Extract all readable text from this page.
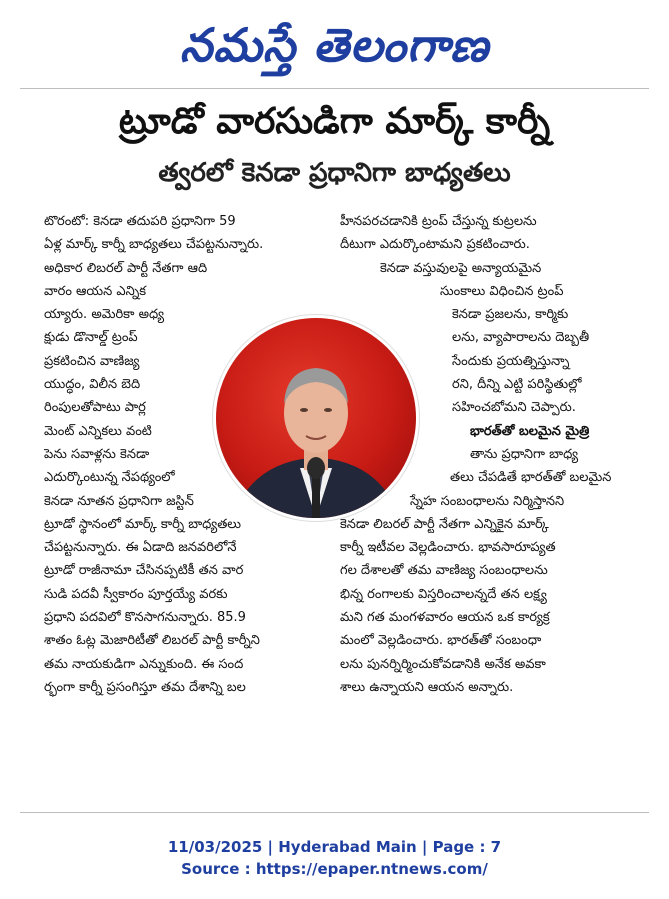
నమస్తే తెలంగాణ
ట్రూడో వారసుడిగా మార్క్ కార్నీ
త్వరలో కెనడా ప్రధానిగా బాధ్యతలు
టొరంటో: కెనడా తదుపరి ప్రధానిగా 59
ఏళ్ల మార్క్ కార్నీ బాధ్యతలు చేపట్టనున్నారు.
అధికార లిబరల్ పార్టీ నేతగా ఆది
వారం ఆయన ఎన్నిక
య్యారు. అమెరికా అధ్య
క్షుడు డొనాల్డ్ ట్రంప్
ప్రకటించిన వాణిజ్య
యుద్ధం, విలీన బెది
రింపులతోపాటు పార్ల
మెంట్ ఎన్నికలు వంటి
పెను సవాళ్లను కెనడా
ఎదుర్కొంటున్న నేపథ్యంలో
కెనడా నూతన ప్రధానిగా జస్టిన్
ట్రూడో స్థానంలో మార్క్ కార్నీ బాధ్యతలు
చేపట్టనున్నారు. ఈ ఏడాది జనవరిలోనే
ట్రూడో రాజీనామా చేసినప్పటికీ తన వార
సుడి పదవీ స్వీకారం పూర్తయ్యే వరకు
ప్రధాని పదవిలో కొనసాగనున్నారు. 85.9
శాతం ఓట్ల మెజారిటీతో లిబరల్ పార్టీ కార్నీని
తమ నాయకుడిగా ఎన్నుకుంది. ఈ సంద
ర్భంగా కార్నీ ప్రసంగిస్తూ తమ దేశాన్ని బల
హీనపరచడానికి ట్రంప్ చేస్తున్న కుట్రలను
దీటుగా ఎదుర్కొంటామని ప్రకటించారు.
కెనడా వస్తువులపై అన్యాయమైన
సుంకాలు విధించిన ట్రంప్
కెనడా ప్రజలను, కార్మికు
లను, వ్యాపారాలను దెబ్బతీ
సేందుకు ప్రయత్నిస్తున్నా
రని, దీన్ని ఎట్టి పరిస్థితుల్లో
సహించబోమని చెప్పారు.
భారత్‌తో బలమైన మైత్రి
తాను ప్రధానిగా బాధ్య
తలు చేపడితే భారత్‌తో బలమైన
స్నేహ సంబంధాలను నిర్మిస్తానని
కెనడా లిబరల్ పార్టీ నేతగా ఎన్నికైన మార్క్
కార్నీ ఇటీవల వెల్లడించారు. భావసారూప్యత
గల దేశాలతో తమ వాణిజ్య సంబంధాలను
భిన్న రంగాలకు విస్తరించాలన్నదే తన లక్ష్య
మని గత మంగళవారం ఆయన ఒక కార్యక్ర
మంలో వెల్లడించారు. భారత్‌తో సంబంధా
లను పునర్నిర్మించుకోవడానికి అనేక అవకా
శాలు ఉన్నాయని ఆయన అన్నారు.
11/03/2025 | Hyderabad Main | Page : 7
Source : https://epaper.ntnews.com/
